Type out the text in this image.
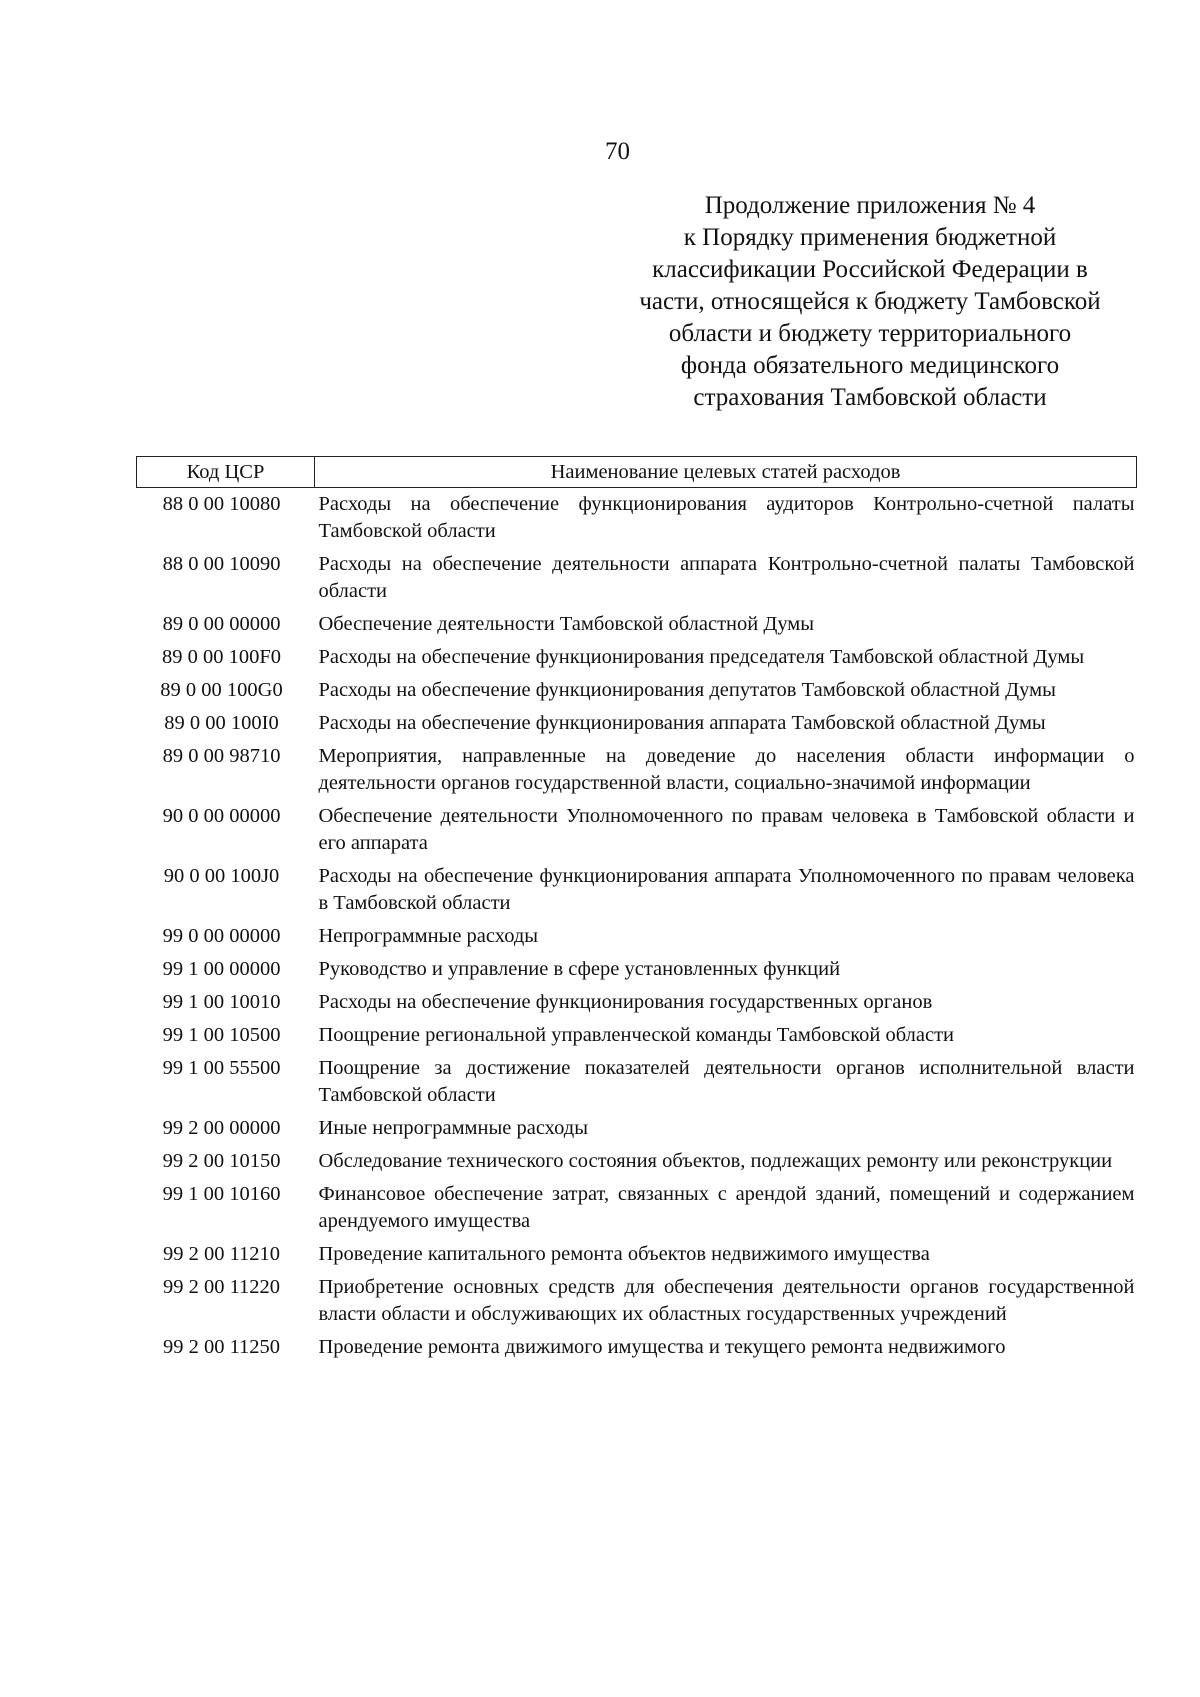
70
Продолжение приложения № 4
к Порядку применения бюджетной
классификации Российской Федерации в
части, относящейся к бюджету Тамбовской
области и бюджету территориального
фонда обязательного медицинского
страхования Тамбовской области
Код ЦСР	Наименование целевых статей расходов
88 0 00 10080	Расходы на обеспечение функционирования аудиторов Контрольно-счетной палаты Тамбовской области
88 0 00 10090	Расходы на обеспечение деятельности аппарата Контрольно-счетной палаты Тамбовской области
89 0 00 00000	Обеспечение деятельности Тамбовской областной Думы
89 0 00 100F0	Расходы на обеспечение функционирования председателя Тамбовской областной Думы
89 0 00 100G0	Расходы на обеспечение функционирования депутатов Тамбовской областной Думы
89 0 00 100I0	Расходы на обеспечение функционирования аппарата Тамбовской областной Думы
89 0 00 98710	Мероприятия, направленные на доведение до населения области информации о деятельности органов государственной власти, социально-значимой информации
90 0 00 00000	Обеспечение деятельности Уполномоченного по правам человека в Тамбовской области и его аппарата
90 0 00 100J0	Расходы на обеспечение функционирования аппарата Уполномоченного по правам человека в Тамбовской области
99 0 00 00000	Непрограммные расходы
99 1 00 00000	Руководство и управление в сфере установленных функций
99 1 00 10010	Расходы на обеспечение функционирования государственных органов
99 1 00 10500	Поощрение региональной управленческой команды Тамбовской области
99 1 00 55500	Поощрение за достижение показателей деятельности органов исполнительной власти Тамбовской области
99 2 00 00000	Иные непрограммные расходы
99 2 00 10150	Обследование технического состояния объектов, подлежащих ремонту или реконструкции
99 1 00 10160	Финансовое обеспечение затрат, связанных с арендой зданий, помещений и содержанием арендуемого имущества
99 2 00 11210	Проведение капитального ремонта объектов недвижимого имущества
99 2 00 11220	Приобретение основных средств для обеспечения деятельности органов государственной власти области и обслуживающих их областных государственных учреждений
99 2 00 11250	Проведение ремонта движимого имущества и текущего ремонта недвижимого
